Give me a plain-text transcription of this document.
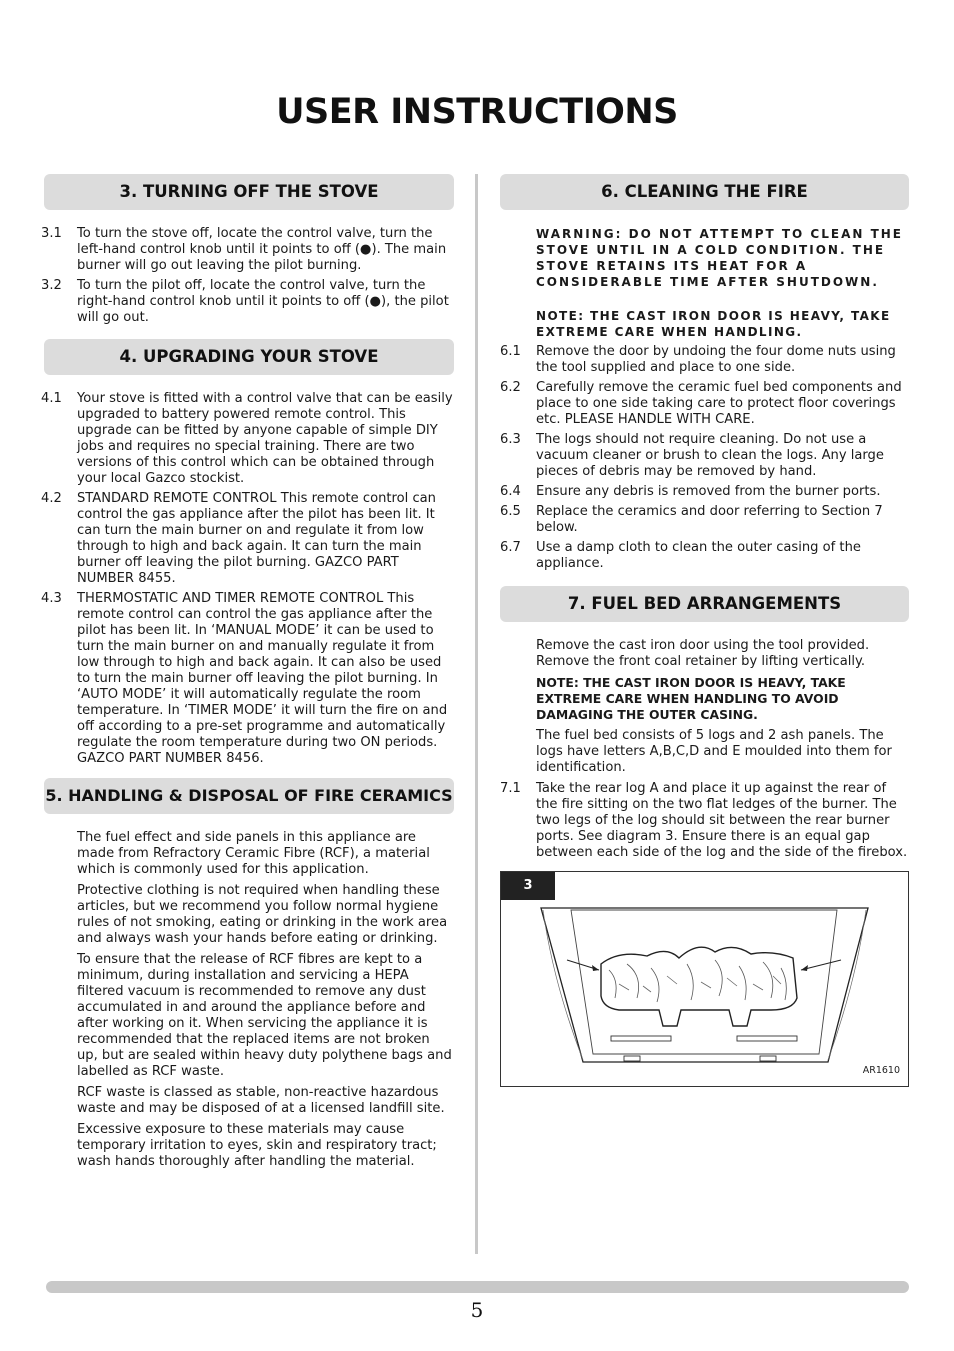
USER INSTRUCTIONS
3. TURNING OFF THE STOVE
3.1	To turn the stove off, locate the control valve, turn the left-hand control knob until it points to off (●). The main burner will go out leaving the pilot burning.
3.2	To turn the pilot off, locate the control valve, turn the right-hand control knob until it points to off (●), the pilot will go out.
4. UPGRADING YOUR STOVE
4.1	Your stove is fitted with a control valve that can be easily upgraded to battery powered remote control. This upgrade can be fitted by anyone capable of simple DIY jobs and requires no special training. There are two versions of this control which can be obtained through your local Gazco stockist.
4.2	STANDARD REMOTE CONTROL This remote control can control the gas appliance after the pilot has been lit. It can turn the main burner on and regulate it from low through to high and back again. It can turn the main burner off leaving the pilot burning. GAZCO PART NUMBER 8455.
4.3	THERMOSTATIC AND TIMER REMOTE CONTROL This remote control can control the gas appliance after the pilot has been lit. In ‘MANUAL MODE’ it can be used to turn the main burner on and manually regulate it from low through to high and back again. It can also be used to turn the main burner off leaving the pilot burning. In ‘AUTO MODE’ it will automatically regulate the room temperature. In ‘TIMER MODE’ it will turn the fire on and off according to a pre-set programme and automatically regulate the room temperature during two ON periods. GAZCO PART NUMBER 8456.
5. HANDLING & DISPOSAL OF FIRE CERAMICS

The fuel effect and side panels in this appliance are made from Refractory Ceramic Fibre (RCF), a material which is commonly used for this application.

Protective clothing is not required when handling these articles, but we recommend you follow normal hygiene rules of not smoking, eating or drinking in the work area and always wash your hands before eating or drinking.

To ensure that the release of RCF fibres are kept to a minimum, during installation and servicing a HEPA filtered vacuum is recommended to remove any dust accumulated in and around the appliance before and after working on it. When servicing the appliance it is recommended that the replaced items are not broken up, but are sealed within heavy duty polythene bags and labelled as RCF waste.

RCF waste is classed as stable, non-reactive hazardous waste and may be disposed of at a licensed landfill site.

Excessive exposure to these materials may cause temporary irritation to eyes, skin and respiratory tract; wash hands thoroughly after handling the material.

6. CLEANING THE FIRE

WARNING: DO NOT ATTEMPT TO CLEAN THE STOVE UNTIL IN A COLD CONDITION. THE STOVE RETAINS ITS HEAT FOR A CONSIDERABLE TIME AFTER SHUTDOWN.

NOTE: THE CAST IRON DOOR IS HEAVY, TAKE EXTREME CARE WHEN HANDLING.

6.1	Remove the door by undoing the four dome nuts using the tool supplied and place to one side.
6.2	Carefully remove the ceramic fuel bed components and place to one side taking care to protect floor coverings etc. PLEASE HANDLE WITH CARE.
6.3	The logs should not require cleaning. Do not use a vacuum cleaner or brush to clean the logs. Any large pieces of debris may be removed by hand.
6.4	Ensure any debris is removed from the burner ports.
6.5	Replace the ceramics and door referring to Section 7 below.
6.7	Use a damp cloth to clean the outer casing of the appliance.
7. FUEL BED ARRANGEMENTS

Remove the cast iron door using the tool provided. Remove the front coal retainer by lifting vertically.

NOTE: THE CAST IRON DOOR IS HEAVY, TAKE EXTREME CARE WHEN HANDLING TO AVOID DAMAGING THE OUTER CASING.

The fuel bed consists of 5 logs and 2 ash panels. The logs have letters A,B,C,D and E moulded into them for identification.

7.1	Take the rear log A and place it up against the rear of the fire sitting on the two flat ledges of the burner. The two legs of the log should sit between the rear burner ports. See diagram 3. Ensure there is an equal gap between each side of the log and the side of the firebox.
3
AR1610
5
